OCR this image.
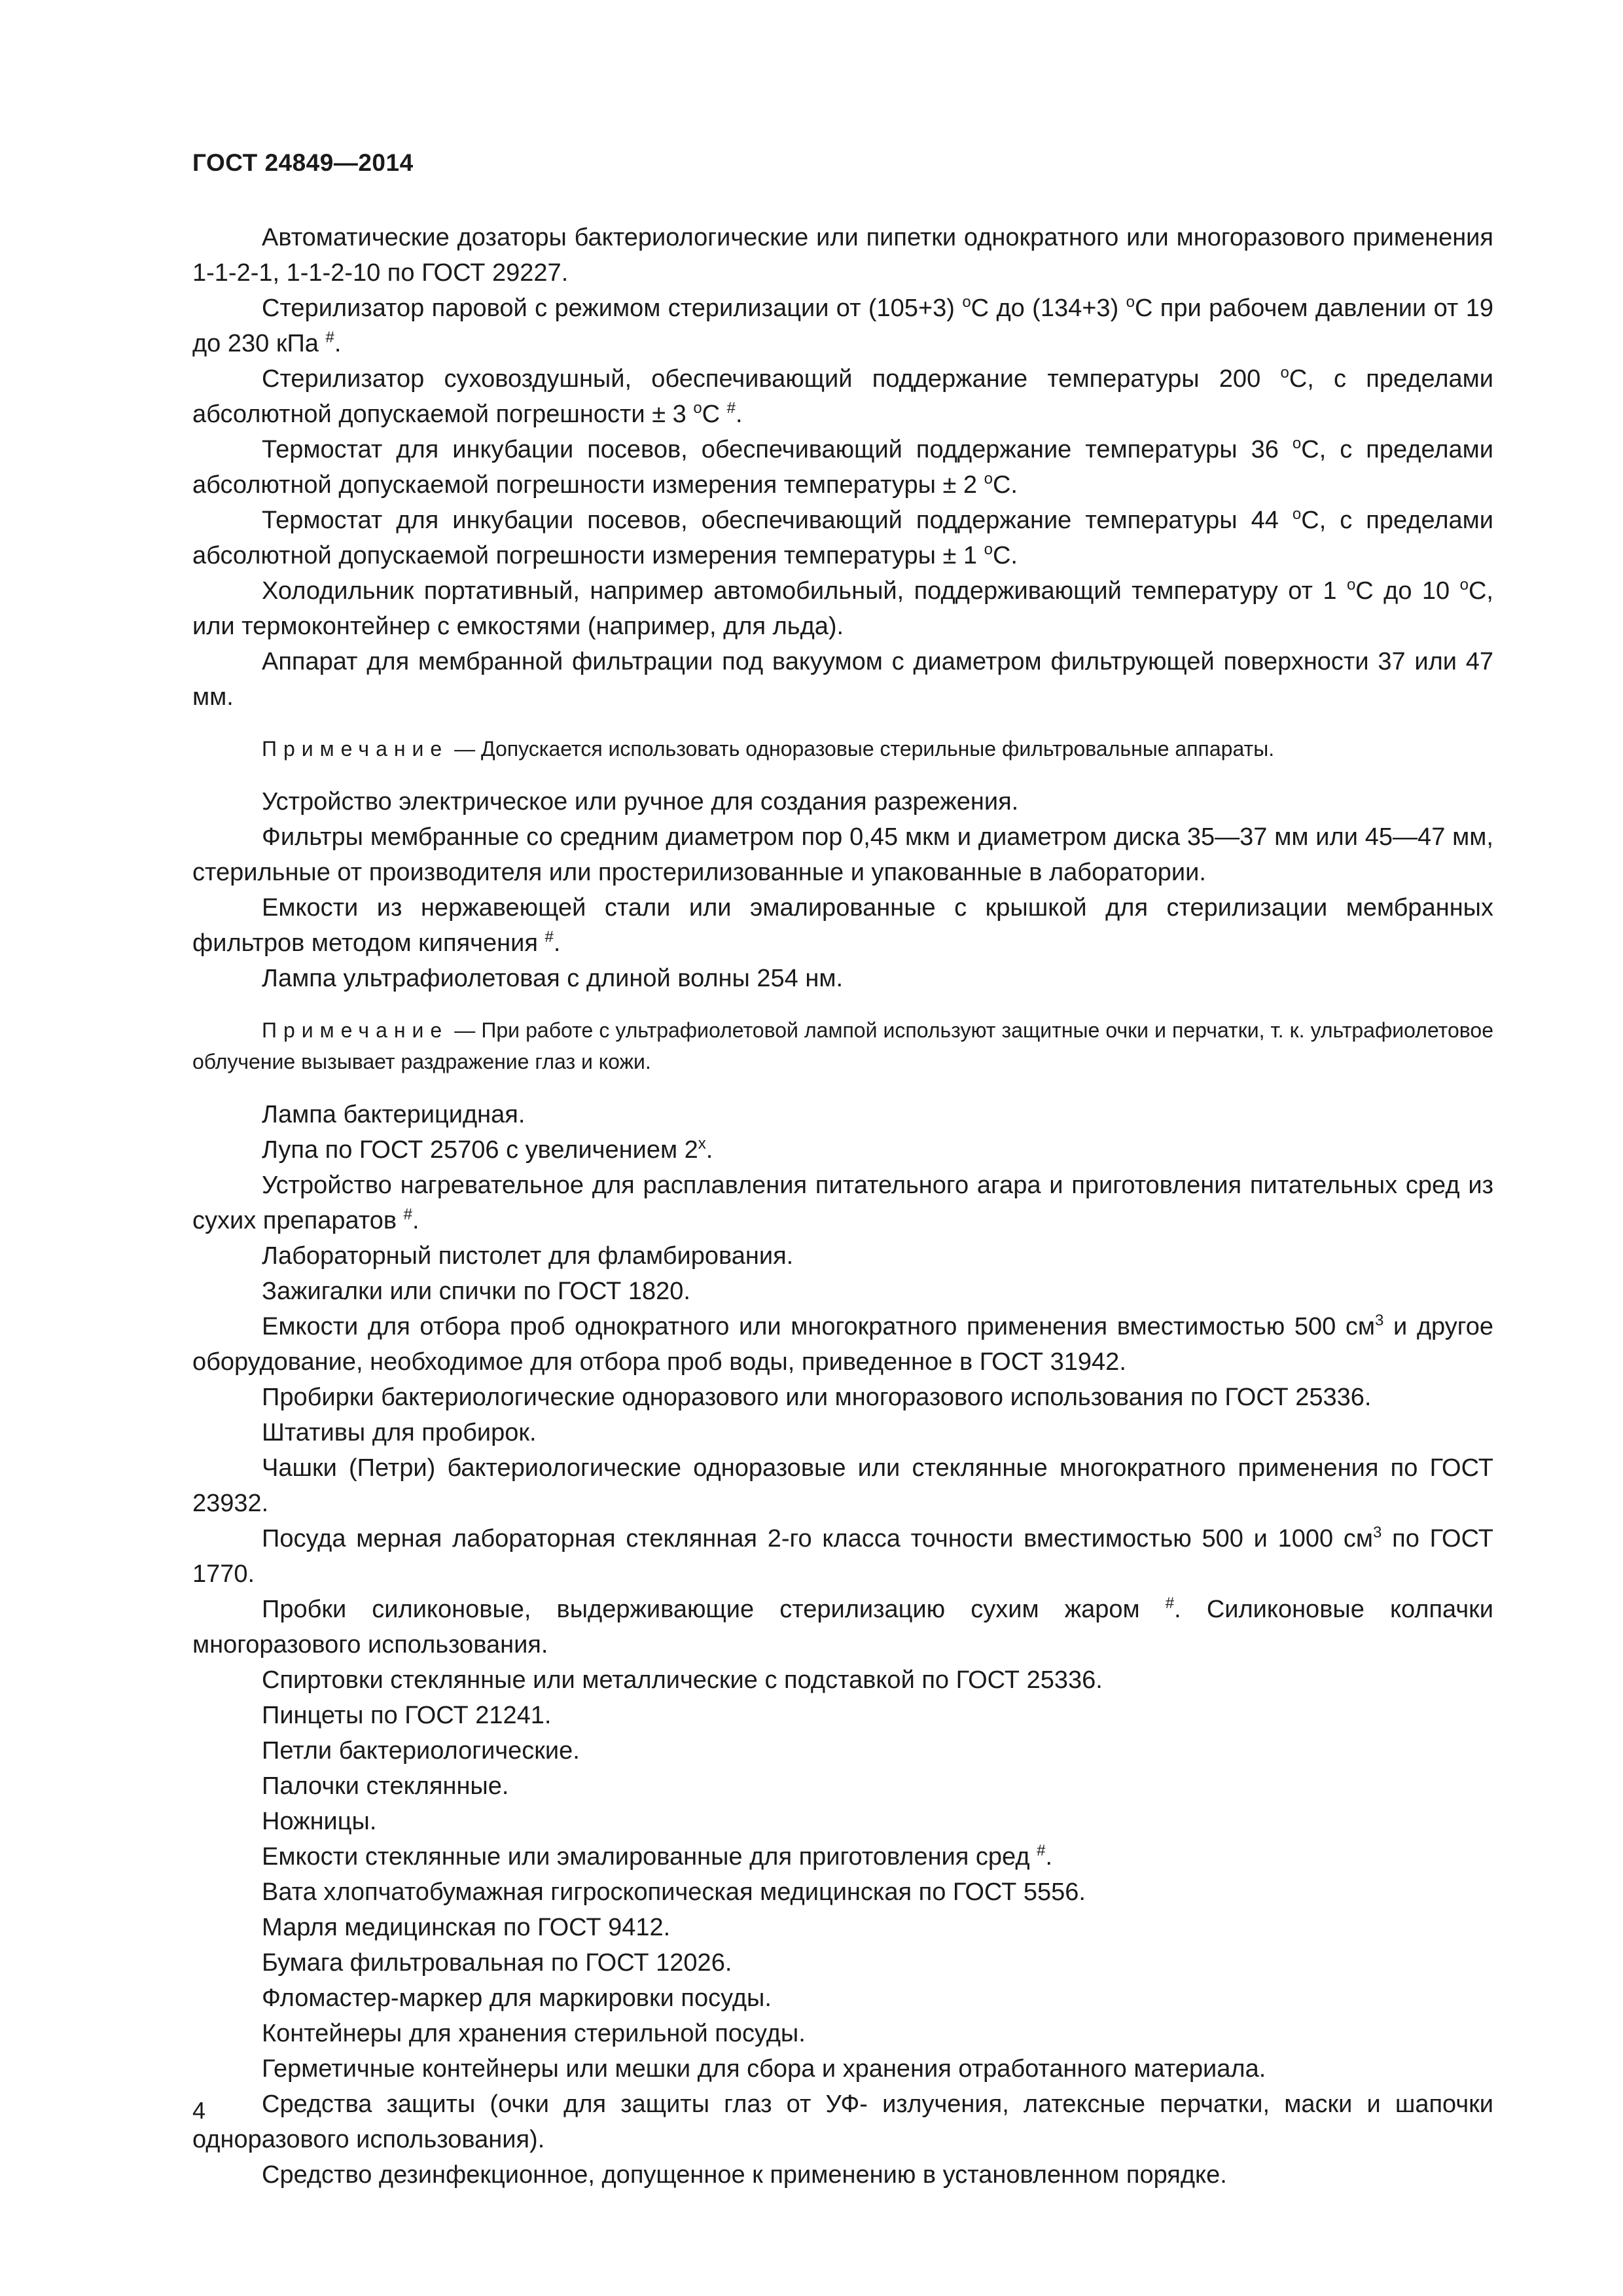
ГОСТ 24849—2014

Автоматические дозаторы бактериологические или пипетки однократного или многоразового применения 1-1-2-1, 1-1-2-10 по ГОСТ 29227.

Стерилизатор паровой с режимом стерилизации от (105+3) $^o$С до (134+3) $^o$С при рабочем давлении от 19 до 230 кПа #.

Стерилизатор суховоздушный, обеспечивающий поддержание температуры 200 $^o$С, с пределами абсолютной допускаемой погрешности ± 3 $^o$С #.

Термостат для инкубации посевов, обеспечивающий поддержание температуры 36 $^o$С, с пределами абсолютной допускаемой погрешности измерения температуры ± 2 $^o$С.

Термостат для инкубации посевов, обеспечивающий поддержание температуры 44 $^o$С, с пределами абсолютной допускаемой погрешности измерения температуры ± 1 $^o$С.

Холодильник портативный, например автомобильный, поддерживающий температуру от 1 $^o$С до 10 $^o$С, или термоконтейнер с емкостями (например, для льда).

Аппарат для мембранной фильтрации под вакуумом с диаметром фильтрующей поверхности 37 или 47 мм.

Примечание — Допускается использовать одноразовые стерильные фильтровальные аппараты.

Устройство электрическое или ручное для создания разрежения.

Фильтры мембранные со средним диаметром пор 0,45 мкм и диаметром диска 35—37 мм или 45—47 мм, стерильные от производителя или простерилизованные и упакованные в лаборатории.

Емкости из нержавеющей стали или эмалированные с крышкой для стерилизации мембранных фильтров методом кипячения #.

Лампа ультрафиолетовая с длиной волны 254 нм.

Примечание — При работе с ультрафиолетовой лампой используют защитные очки и перчатки, т. к. ультрафиолетовое облучение вызывает раздражение глаз и кожи.

Лампа бактерицидная.

Лупа по ГОСТ 25706 с увеличением 2$^x$.

Устройство нагревательное для расплавления питательного агара и приготовления питательных сред из сухих препаратов #.

Лабораторный пистолет для фламбирования.

Зажигалки или спички по ГОСТ 1820.

Емкости для отбора проб однократного или многократного применения вместимостью 500 $см^3$ и другое оборудование, необходимое для отбора проб воды, приведенное в ГОСТ 31942.

Пробирки бактериологические одноразового или многоразового использования по ГОСТ 25336.

Штативы для пробирок.

Чашки (Петри) бактериологические одноразовые или стеклянные многократного применения по ГОСТ 23932.

Посуда мерная лабораторная стеклянная 2-го класса точности вместимостью 500 и 1000 $см^3$ по ГОСТ 1770.

Пробки силиконовые, выдерживающие стерилизацию сухим жаром #. Силиконовые колпачки многоразового использования.

Спиртовки стеклянные или металлические с подставкой по ГОСТ 25336.

Пинцеты по ГОСТ 21241.

Петли бактериологические.

Палочки стеклянные.

Ножницы.

Емкости стеклянные или эмалированные для приготовления сред #.

Вата хлопчатобумажная гигроскопическая медицинская по ГОСТ 5556.

Марля медицинская по ГОСТ 9412.

Бумага фильтровальная по ГОСТ 12026.

Фломастер-маркер для маркировки посуды.

Контейнеры для хранения стерильной посуды.

Герметичные контейнеры или мешки для сбора и хранения отработанного материала.

Средства защиты (очки для защиты глаз от УФ- излучения, латексные перчатки, маски и шапочки одноразового использования).

Средство дезинфекционное, допущенное к применению в установленном порядке.

4
